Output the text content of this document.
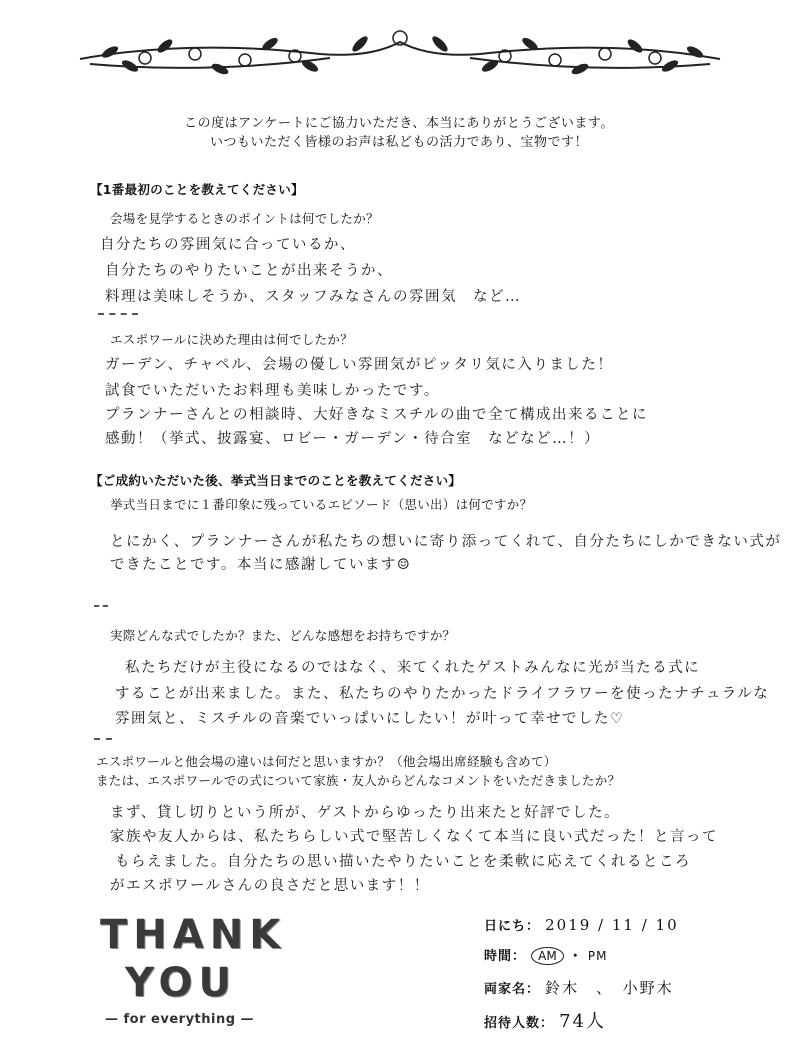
この度はアンケートにご協力いただき、本当にありがとうございます。
いつもいただく皆様のお声は私どもの活力であり、宝物です！
【1番最初のことを教えてください】
会場を見学するときのポイントは何でしたか？
自分たちの雰囲気に合っているか、
自分たちのやりたいことが出来そうか、
料理は美味しそうか、スタッフみなさんの雰囲気　など…
エスポワールに決めた理由は何でしたか？
ガーデン、チャペル、会場の優しい雰囲気がピッタリ気に入りました！
試食でいただいたお料理も美味しかったです。
プランナーさんとの相談時、大好きなミスチルの曲で全て構成出来ることに
感動！（挙式、披露宴、ロビー・ガーデン・待合室　などなど…！）
【ご成約いただいた後、挙式当日までのことを教えてください】
挙式当日までに１番印象に残っているエピソード（思い出）は何ですか？
とにかく、プランナーさんが私たちの想いに寄り添ってくれて、自分たちにしかできない式が
できたことです。本当に感謝しています☺
実際どんな式でしたか？また、どんな感想をお持ちですか？
私たちだけが主役になるのではなく、来てくれたゲストみんなに光が当たる式に
することが出来ました。また、私たちのやりたかったドライフラワーを使ったナチュラルな
雰囲気と、ミスチルの音楽でいっぱいにしたい！が叶って幸せでした♡
エスポワールと他会場の違いは何だと思いますか？（他会場出席経験も含めて）
または、エスポワールでの式について家族・友人からどんなコメントをいただきましたか？
まず、貸し切りという所が、ゲストからゆったり出来たと好評でした。
家族や友人からは、私たちらしい式で堅苦しくなくて本当に良い式だった！と言って
もらえました。自分たちの思い描いたやりたいことを柔軟に応えてくれるところ
がエスポワールさんの良さだと思います！！
THANK
YOU
— for everything —
日にち： 2019 / 11 / 10
時間： AM ・ PM
両家名： 鈴木　、　小野木
招待人数： 74人
